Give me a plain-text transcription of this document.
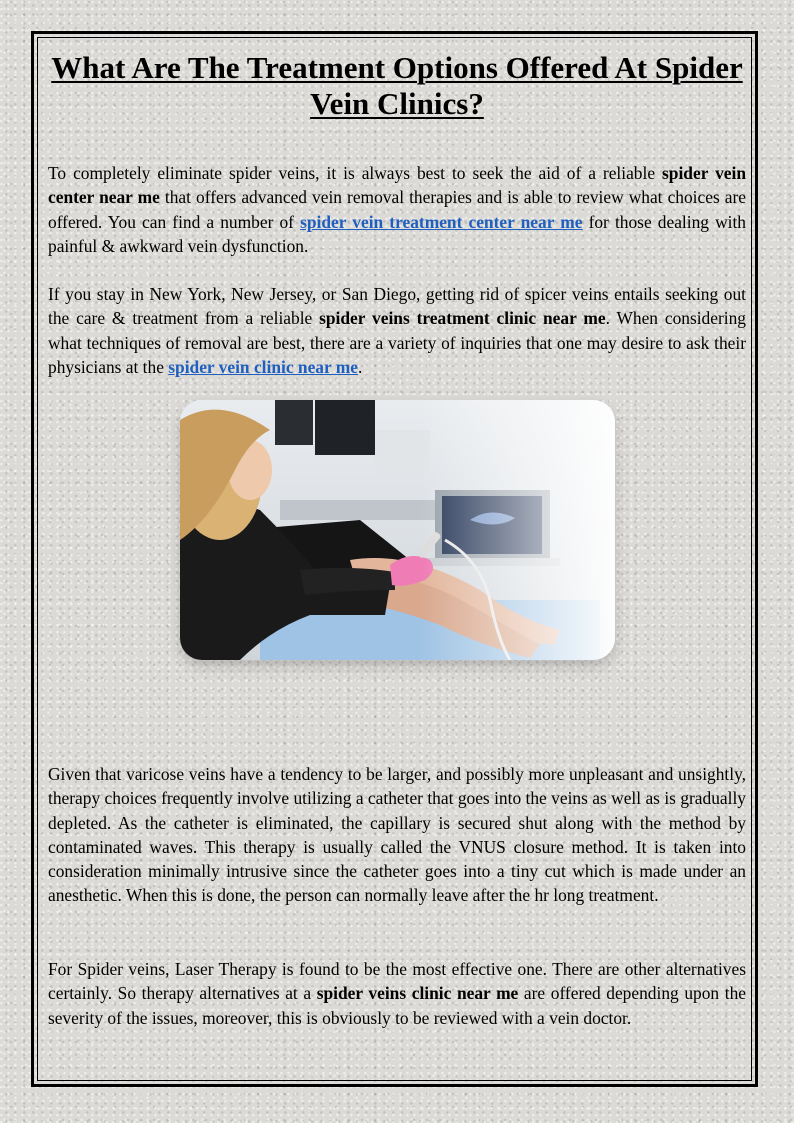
What Are The Treatment Options Offered At Spider Vein Clinics?

To completely eliminate spider veins, it is always best to seek the aid of a reliable spider vein center near me that offers advanced vein removal therapies and is able to review what choices are offered. You can find a number of spider vein treatment center near me for those dealing with painful & awkward vein dysfunction.

If you stay in New York, New Jersey, or San Diego, getting rid of spicer veins entails seeking out the care & treatment from a reliable spider veins treatment clinic near me. When considering what techniques of removal are best, there are a variety of inquiries that one may desire to ask their physicians at the spider vein clinic near me.

Given that varicose veins have a tendency to be larger, and possibly more unpleasant and unsightly, therapy choices frequently involve utilizing a catheter that goes into the veins as well as is gradually depleted. As the catheter is eliminated, the capillary is secured shut along with the method by contaminated waves. This therapy is usually called the VNUS closure method. It is taken into consideration minimally intrusive since the catheter goes into a tiny cut which is made under an anesthetic. When this is done, the person can normally leave after the hr long treatment.

For Spider veins, Laser Therapy is found to be the most effective one. There are other alternatives certainly. So therapy alternatives at a spider veins clinic near me are offered depending upon the severity of the issues, moreover, this is obviously to be reviewed with a vein doctor.
